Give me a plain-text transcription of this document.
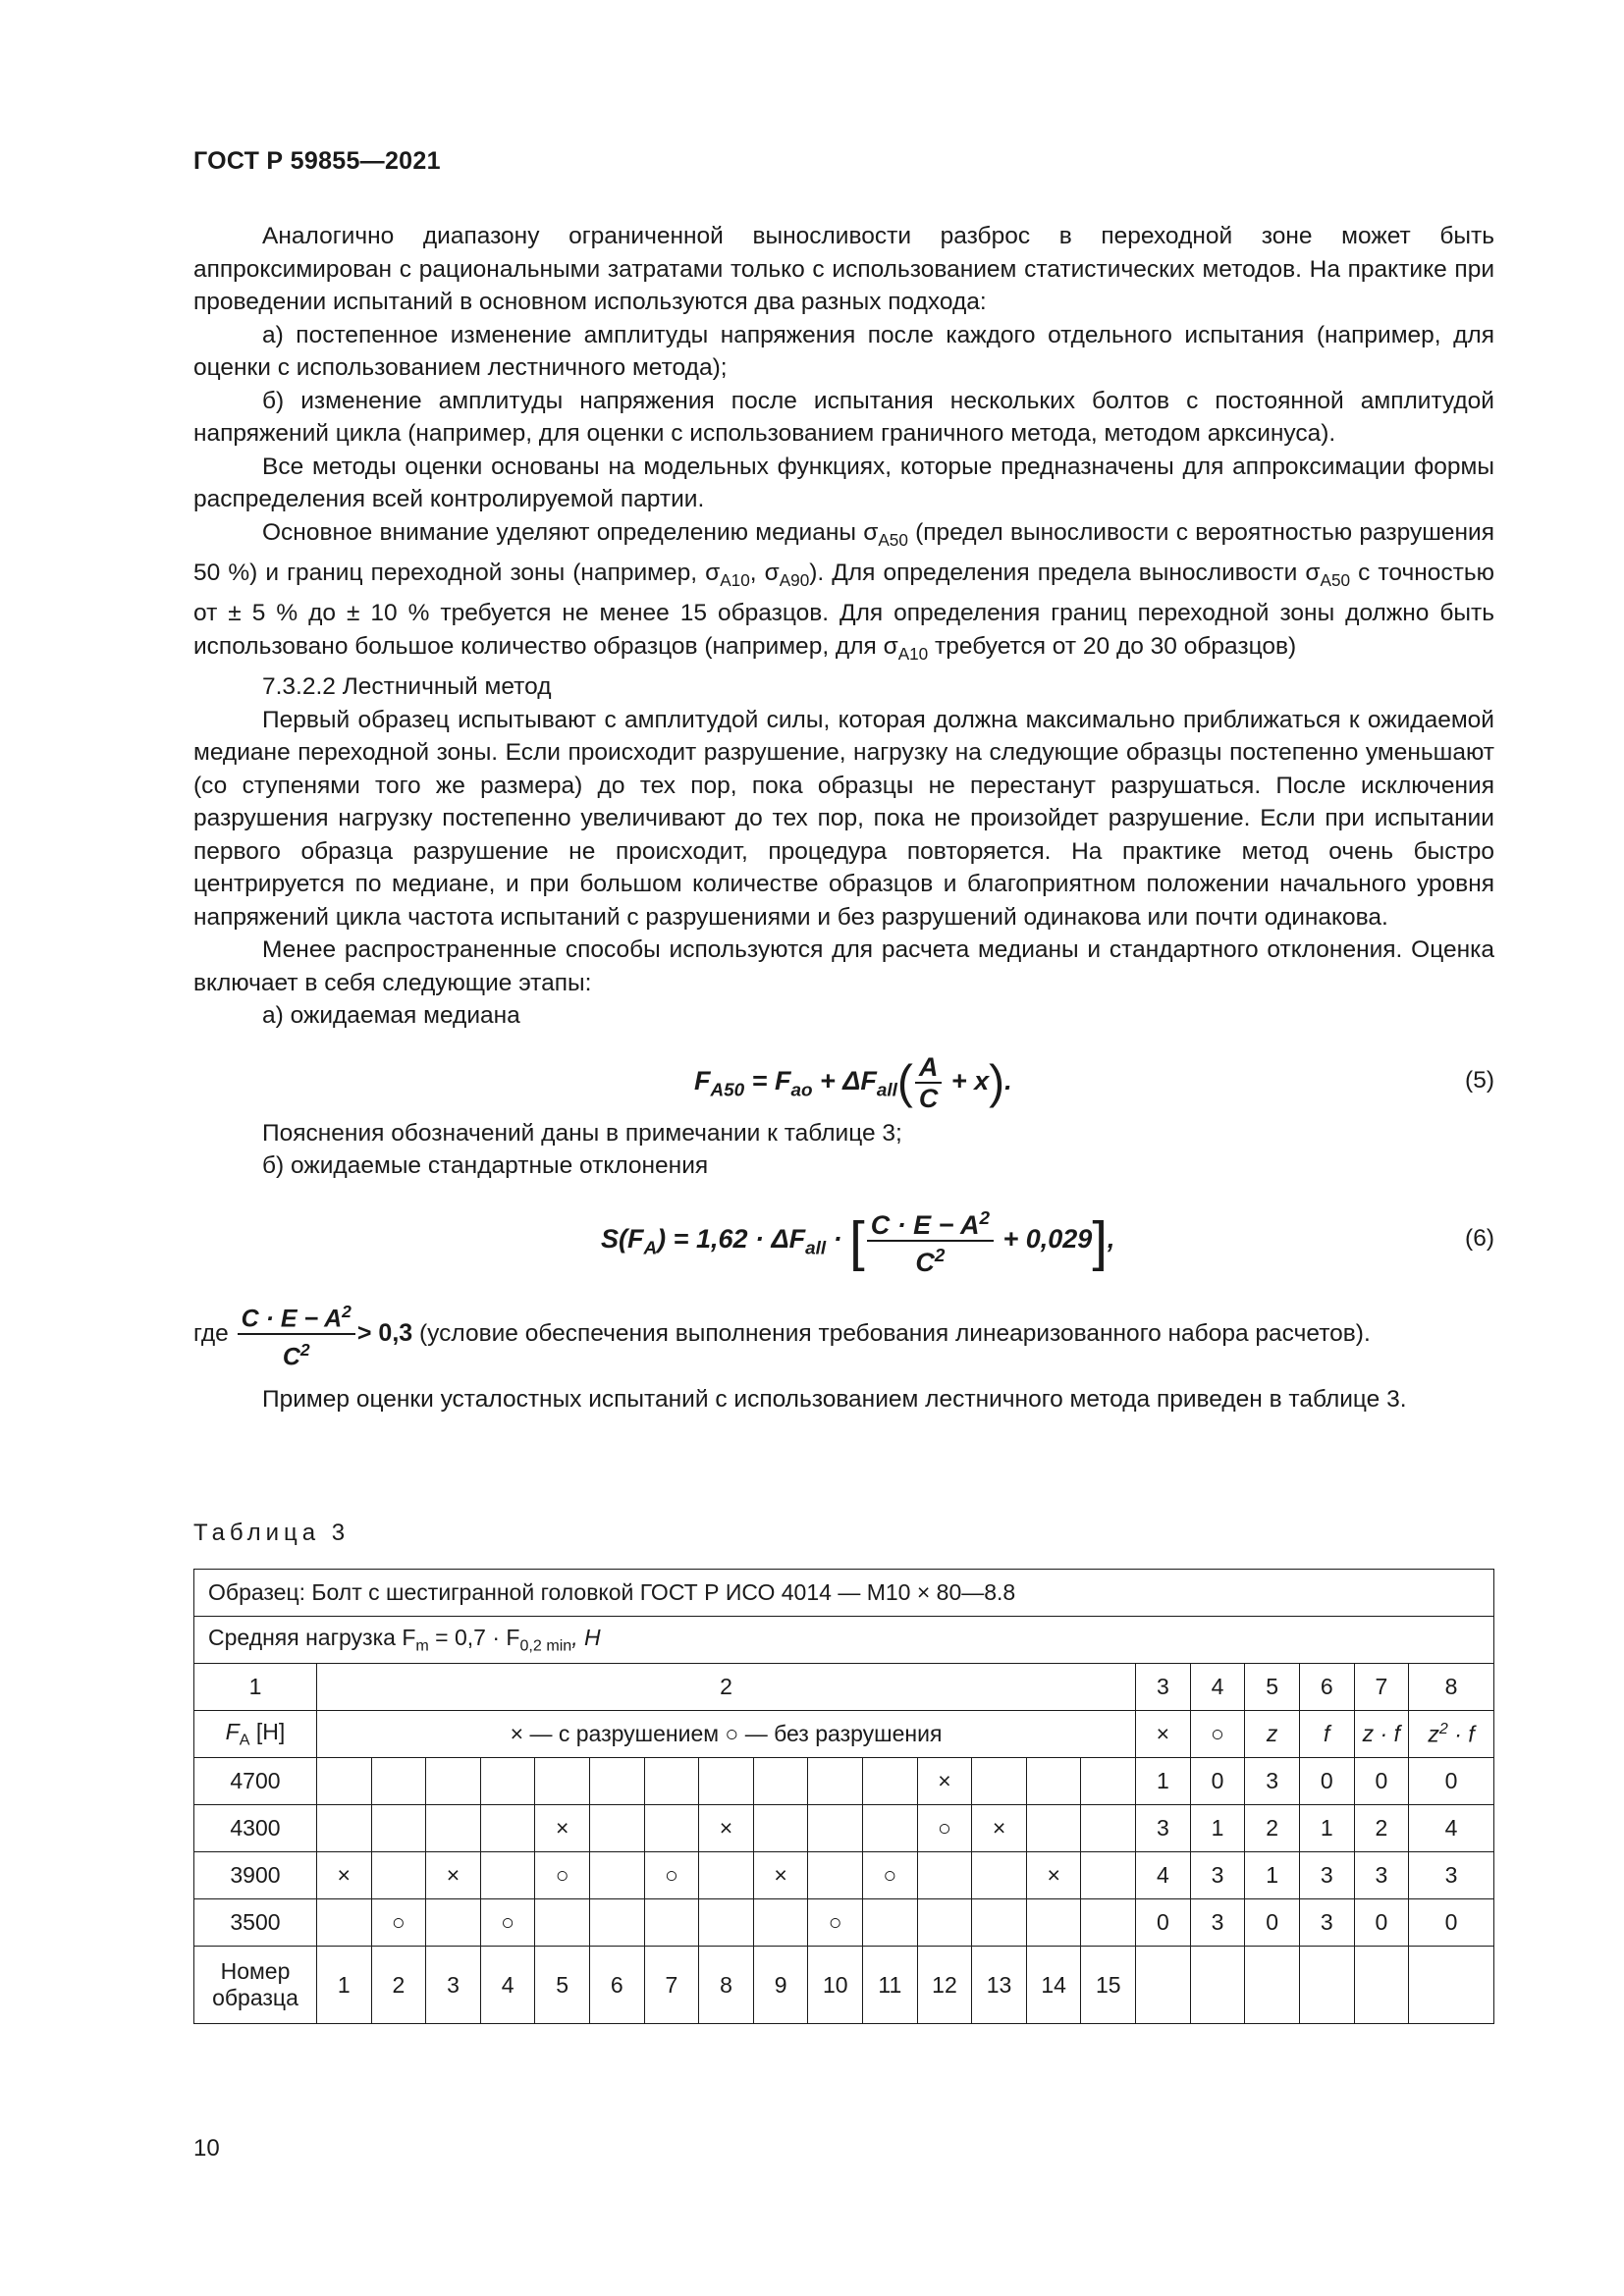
ГОСТ Р 59855—2021

Аналогично диапазону ограниченной выносливости разброс в переходной зоне может быть аппроксимирован с рациональными затратами только с использованием статистических методов. На практике при проведении испытаний в основном используются два разных подхода:

а) постепенное изменение амплитуды напряжения после каждого отдельного испытания (например, для оценки с использованием лестничного метода);

б) изменение амплитуды напряжения после испытания нескольких болтов с постоянной амплитудой напряжений цикла (например, для оценки с использованием граничного метода, методом арксинуса).

Все методы оценки основаны на модельных функциях, которые предназначены для аппроксимации формы распределения всей контролируемой партии.

Основное внимание уделяют определению медианы $\sigma_{A50}$ (предел выносливости с вероятностью разрушения 50 %) и границ переходной зоны (например, $\sigma_{A10}$, $\sigma_{A90}$). Для определения предела выносливости $\sigma_{A50}$ с точностью от ± 5 % до ± 10 % требуется не менее 15 образцов. Для определения границ переходной зоны должно быть использовано большое количество образцов (например, для $\sigma_{A10}$ требуется от 20 до 30 образцов)

7.3.2.2 Лестничный метод

Первый образец испытывают с амплитудой силы, которая должна максимально приближаться к ожидаемой медиане переходной зоны. Если происходит разрушение, нагрузку на следующие образцы постепенно уменьшают (со ступенями того же размера) до тех пор, пока образцы не перестанут разрушаться. После исключения разрушения нагрузку постепенно увеличивают до тех пор, пока не произойдет разрушение. Если при испытании первого образца разрушение не происходит, процедура повторяется. На практике метод очень быстро центрируется по медиане, и при большом количестве образцов и благоприятном положении начального уровня напряжений цикла частота испытаний с разрушениями и без разрушений одинакова или почти одинакова.

Менее распространенные способы используются для расчета медианы и стандартного отклонения. Оценка включает в себя следующие этапы:

а) ожидаемая медиана

$F_{A50} = F_{ao} + \Delta F_{all}( \frac{A}{C} + x)$.	(5)

Пояснения обозначений даны в примечании к таблице 3;

б) ожидаемые стандартные отклонения

$S(F_A) = 1,62 \cdot \Delta F_{all}$ · [ $\frac{C \cdot E - A^2}{C^2} + 0,029$],	(6)

где $\frac{C \cdot E - A^2}{C^2} > 0,3$ (условие обеспечения выполнения требования линеаризованного набора расчетов).

Пример оценки усталостных испытаний с использованием лестничного метода приведен в таблице 3.

Таблица 3
Образец: Болт с шестигранной головкой ГОСТ Р ИСО 4014 — М10 × 80—8.8																					
Средняя нагрузка $F_m = 0,7 \cdot F_{0,2 min}$, H																					
1	2															3	4	5	6	7	8
$F_A$ [H]	× — с разрушением ○ — без разрушения															×	○	z	f	z · f	$z^2 \cdot f$
4700												×				1	0	3	0	0	0
4300					×			×				○	×			3	1	2	1	2	4
3900	×		×		○		○		×		○			×		4	3	1	3	3	3
3500		○		○						○						0	3	0	3	0	0
Номер
образца	1	2	3	4	5	6	7	8	9	10	11	12	13	14	15						
10
